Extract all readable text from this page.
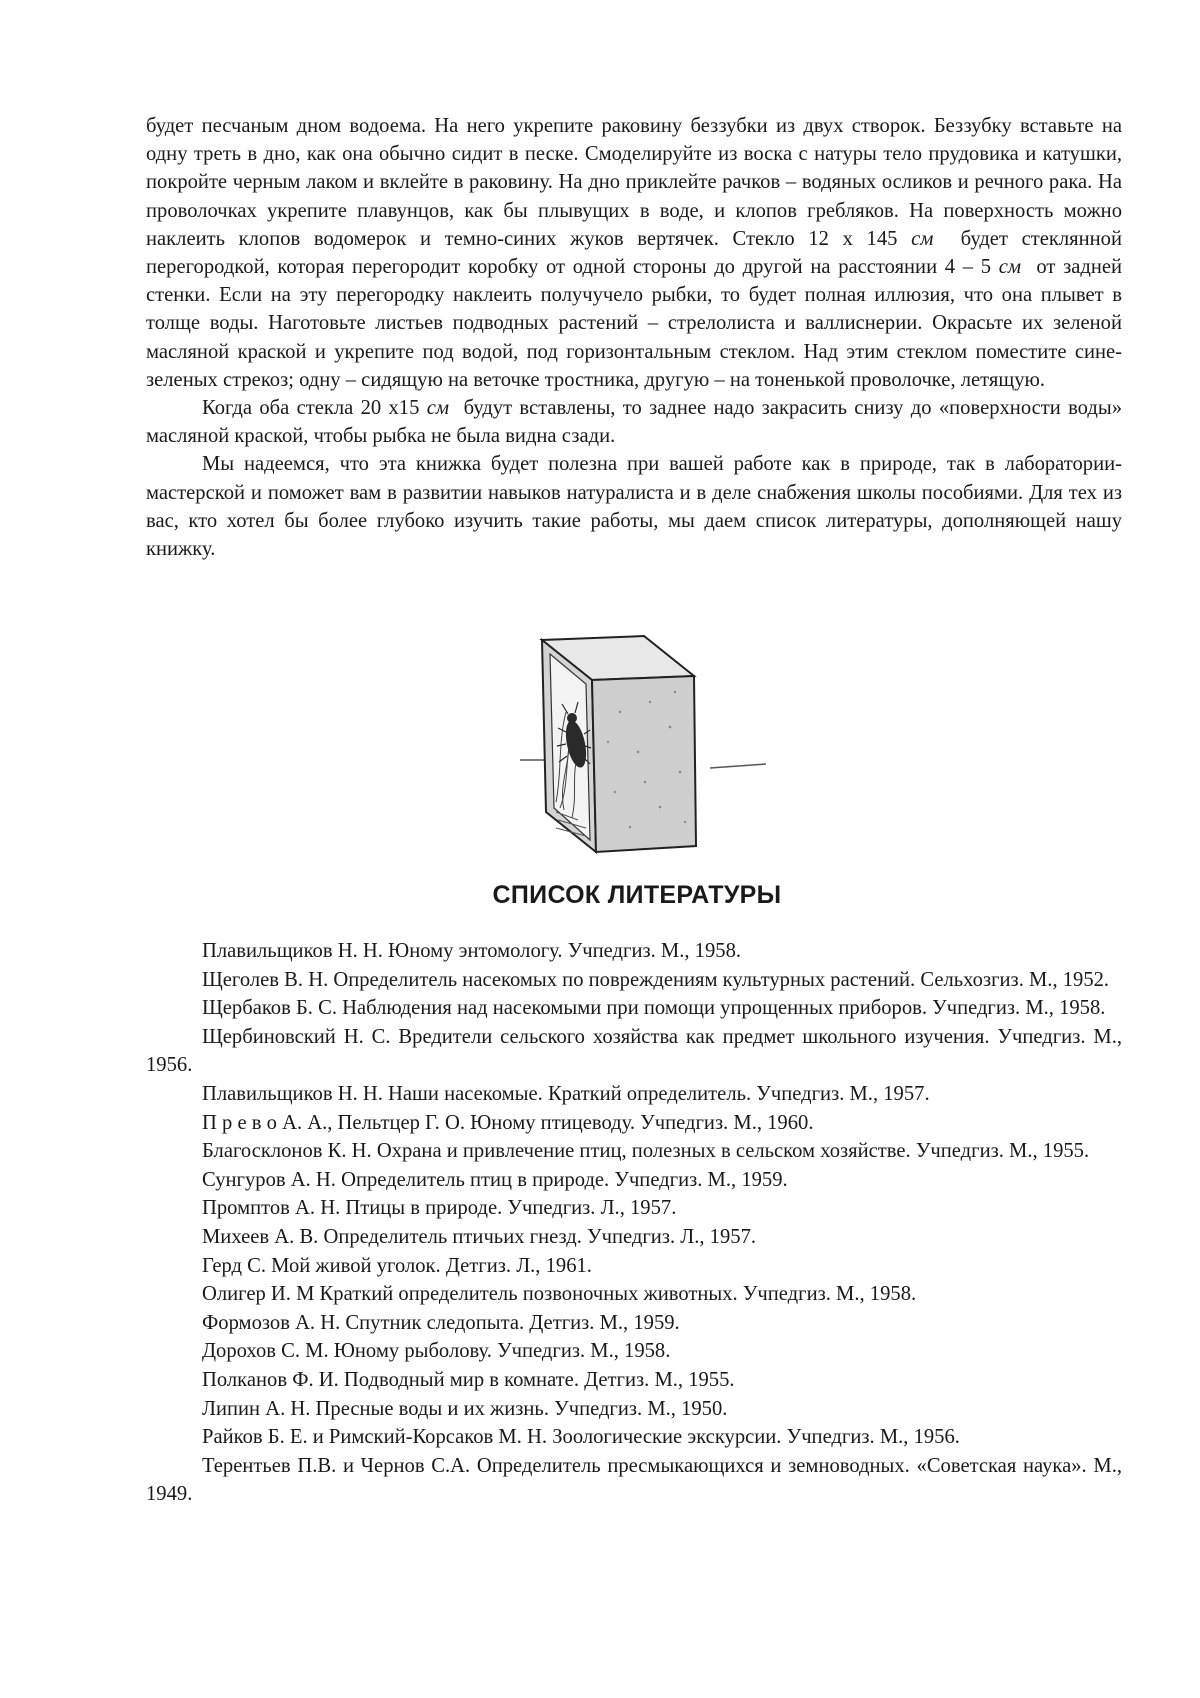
будет песчаным дном водоема. На него укрепите раковину беззубки из двух створок. Беззубку вставьте на одну треть в дно, как она обычно сидит в песке. Смоделируйте из воска с натуры тело прудовика и катушки, покройте черным лаком и вклейте в раковину. На дно приклейте рачков – водяных осликов и речного рака. На проволочках укрепите плавунцов, как бы плывущих в воде, и клопов гребляков. На поверхность можно наклеить клопов водомерок и темно-синих жуков вертячек. Стекло 12 х 145 см будет стеклянной перегородкой, которая перегородит коробку от одной стороны до другой на расстоянии 4 – 5 см от задней стенки. Если на эту перегородку наклеить получучело рыбки, то будет полная иллюзия, что она плывет в толще воды. Наготовьте листьев подводных растений – стрелолиста и валлиснерии. Окрасьте их зеленой масляной краской и укрепите под водой, под горизонтальным стеклом. Над этим стеклом поместите сине-зеленых стрекоз; одну – сидящую на веточке тростника, другую – на тоненькой проволочке, летящую.

Когда оба стекла 20 х15 см будут вставлены, то заднее надо закрасить снизу до «поверхности воды» масляной краской, чтобы рыбка не была видна сзади.

Мы надеемся, что эта книжка будет полезна при вашей работе как в природе, так в лаборатории-мастерской и поможет вам в развитии навыков натуралиста и в деле снабжения школы пособиями. Для тех из вас, кто хотел бы более глубоко изучить такие работы, мы даем список литературы, дополняющей нашу книжку.

СПИСОК ЛИТЕРАТУРЫ
Плавильщиков Н. Н. Юному энтомологу. Учпедгиз. М., 1958.
Щеголев В. Н. Определитель насекомых по повреждениям культурных растений. Сельхозгиз. М., 1952.
Щербаков Б. С. Наблюдения над насекомыми при помощи упрощенных приборов. Учпедгиз. М., 1958.
Щербиновский Н. С. Вредители сельского хозяйства как предмет школьного изучения. Учпедгиз. М., 1956.
Плавильщиков Н. Н. Наши насекомые. Краткий определитель. Учпедгиз. М., 1957.
П р е в о А. А., Пельтцер Г. О. Юному птицеводу. Учпедгиз. М., 1960.
Благосклонов К. Н. Охрана и привлечение птиц, полезных в сельском хозяйстве. Учпедгиз. М., 1955.
Сунгуров А. Н. Определитель птиц в природе. Учпедгиз. М., 1959.
Промптов А. Н. Птицы в природе. Учпедгиз. Л., 1957.
Михеев А. В. Определитель птичьих гнезд. Учпедгиз. Л., 1957.
Герд С. Мой живой уголок. Детгиз. Л., 1961.
Олигер И. М Краткий определитель позвоночных животных. Учпедгиз. М., 1958.
Формозов А. Н. Спутник следопыта. Детгиз. М., 1959.
Дорохов С. М. Юному рыболову. Учпедгиз. М., 1958.
Полканов Ф. И. Подводный мир в комнате. Детгиз. М., 1955.
Липин А. Н. Пресные воды и их жизнь. Учпедгиз. М., 1950.
Райков Б. Е. и Римский-Корсаков М. Н. Зоологические экскурсии. Учпедгиз. М., 1956.
Терентьев П.В. и Чернов С.А. Определитель пресмыкающихся и земноводных. «Советская наука». М., 1949.
